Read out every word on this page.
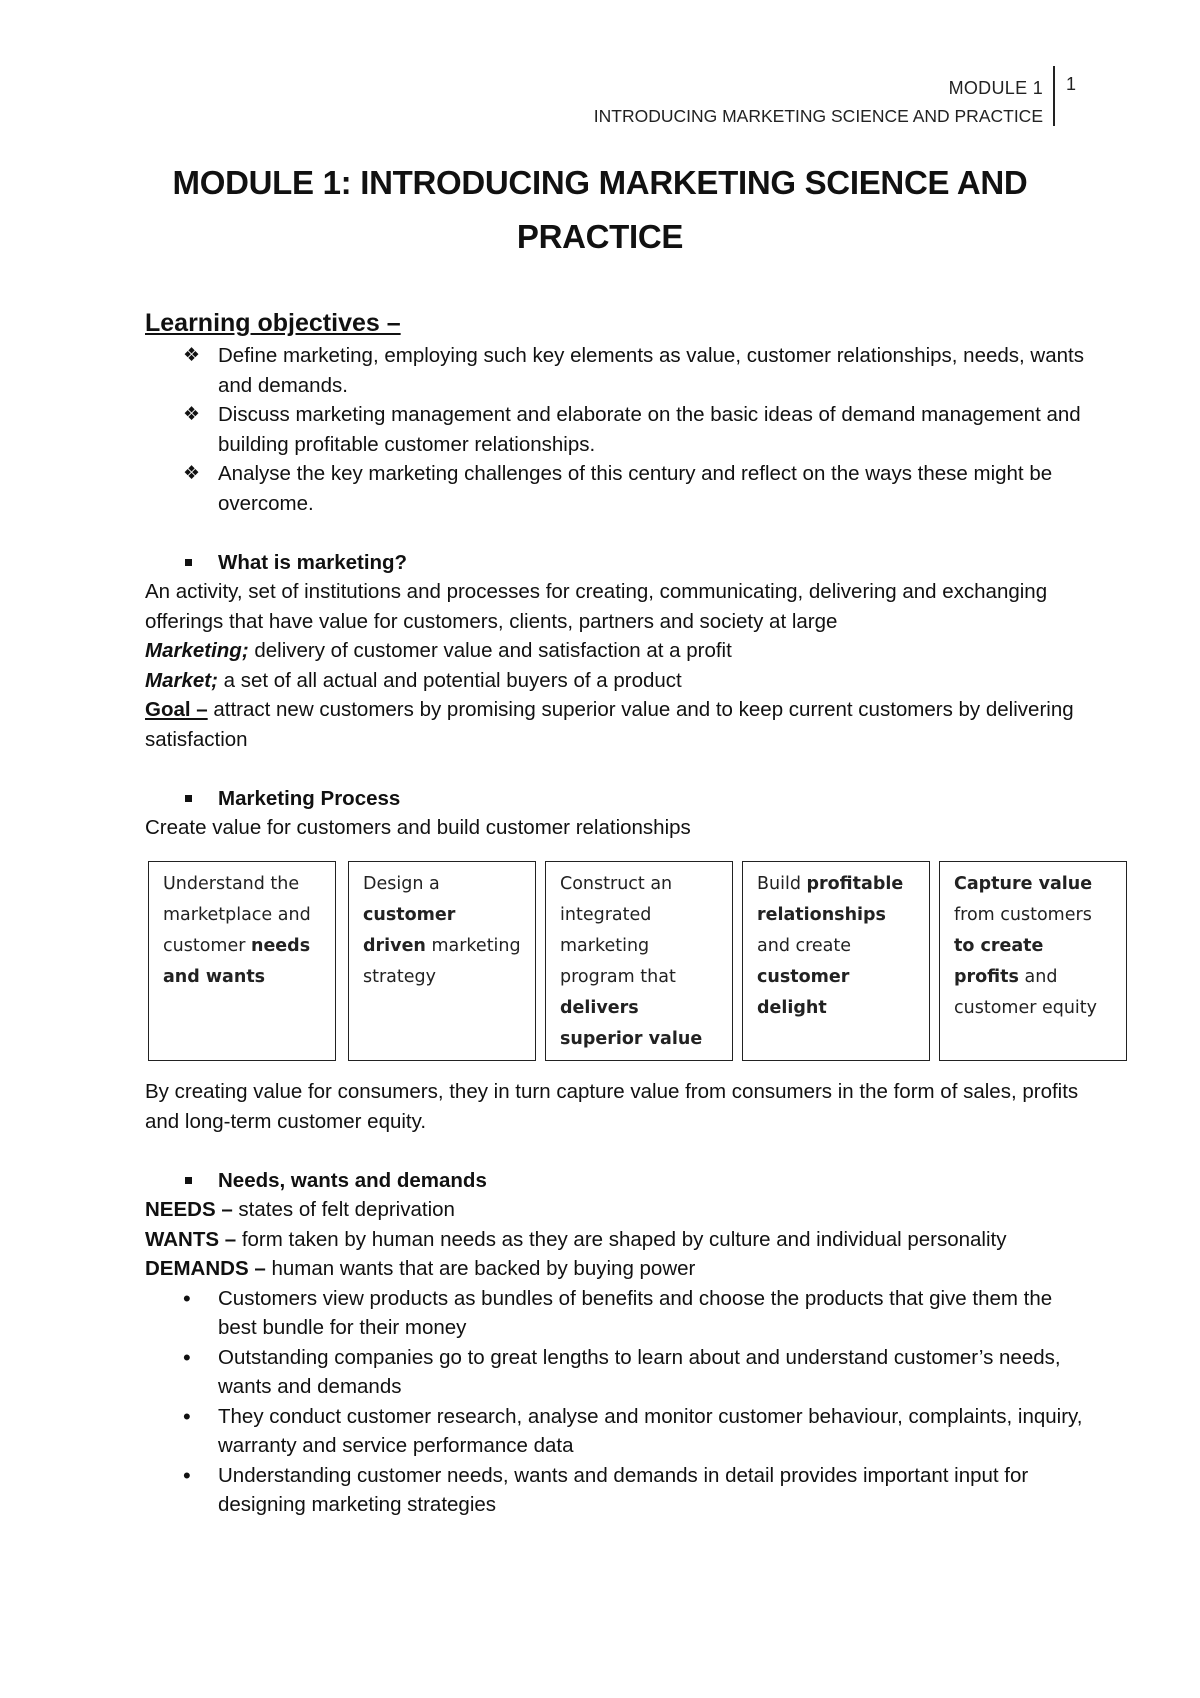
MODULE 1
INTRODUCING MARKETING SCIENCE AND PRACTICE
1
MODULE 1: INTRODUCING MARKETING SCIENCE AND
PRACTICE

Learning objectives –

❖ Define marketing, employing such key elements as value, customer relationships, needs, wants and demands.
❖ Discuss marketing management and elaborate on the basic ideas of demand management and building profitable customer relationships.
❖ Analyse the key marketing challenges of this century and reflect on the ways these might be overcome.
What is marketing?

An activity, set of institutions and processes for creating, communicating, delivering and exchanging offerings that have value for customers, clients, partners and society at large

Marketing; delivery of customer value and satisfaction at a profit

Market; a set of all actual and potential buyers of a product

Goal – attract new customers by promising superior value and to keep current customers by delivering satisfaction

Marketing Process

Create value for customers and build customer relationships

Understand the marketplace and customer needs and wants
Design a customer driven marketing strategy
Construct an integrated marketing program that delivers superior value
Build profitable relationships and create customer delight
Capture value from customers to create profits and customer equity

By creating value for consumers, they in turn capture value from consumers in the form of sales, profits and long-term customer equity.

Needs, wants and demands

NEEDS – states of felt deprivation

WANTS – form taken by human needs as they are shaped by culture and individual personality

DEMANDS – human wants that are backed by buying power

• Customers view products as bundles of benefits and choose the products that give them the best bundle for their money
• Outstanding companies go to great lengths to learn about and understand customer’s needs, wants and demands
• They conduct customer research, analyse and monitor customer behaviour, complaints, inquiry, warranty and service performance data
• Understanding customer needs, wants and demands in detail provides important input for designing marketing strategies
